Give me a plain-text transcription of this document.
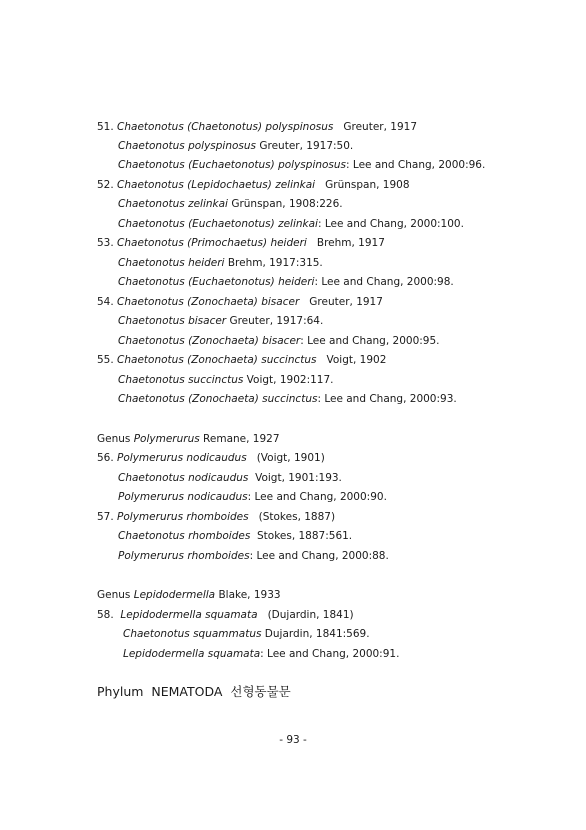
51. Chaetonotus (Chaetonotus) polyspinosus Greuter, 1917
Chaetonotus polyspinosus Greuter, 1917:50.
Chaetonotus (Euchaetonotus) polyspinosus: Lee and Chang, 2000:96.
52. Chaetonotus (Lepidochaetus) zelinkai Grünspan, 1908
Chaetonotus zelinkai Grünspan, 1908:226.
Chaetonotus (Euchaetonotus) zelinkai: Lee and Chang, 2000:100.
53. Chaetonotus (Primochaetus) heideri Brehm, 1917
Chaetonotus heideri Brehm, 1917:315.
Chaetonotus (Euchaetonotus) heideri: Lee and Chang, 2000:98.
54. Chaetonotus (Zonochaeta) bisacer Greuter, 1917
Chaetonotus bisacer Greuter, 1917:64.
Chaetonotus (Zonochaeta) bisacer: Lee and Chang, 2000:95.
55. Chaetonotus (Zonochaeta) succinctus Voigt, 1902
Chaetonotus succinctus Voigt, 1902:117.
Chaetonotus (Zonochaeta) succinctus: Lee and Chang, 2000:93.
Genus Polymerurus Remane, 1927
56. Polymerurus nodicaudus (Voigt, 1901)
Chaetonotus nodicaudus  Voigt, 1901:193.
Polymerurus nodicaudus: Lee and Chang, 2000:90.
57. Polymerurus rhomboides (Stokes, 1887)
Chaetonotus rhomboides  Stokes, 1887:561.
Polymerurus rhomboides: Lee and Chang, 2000:88.
Genus Lepidodermella Blake, 1933
58. Lepidodermella squamata (Dujardin, 1841)
Chaetonotus squammatus Dujardin, 1841:569.
Lepidodermella squamata: Lee and Chang, 2000:91.
Phylum  NEMATODA  선형동물문
- 93 -
